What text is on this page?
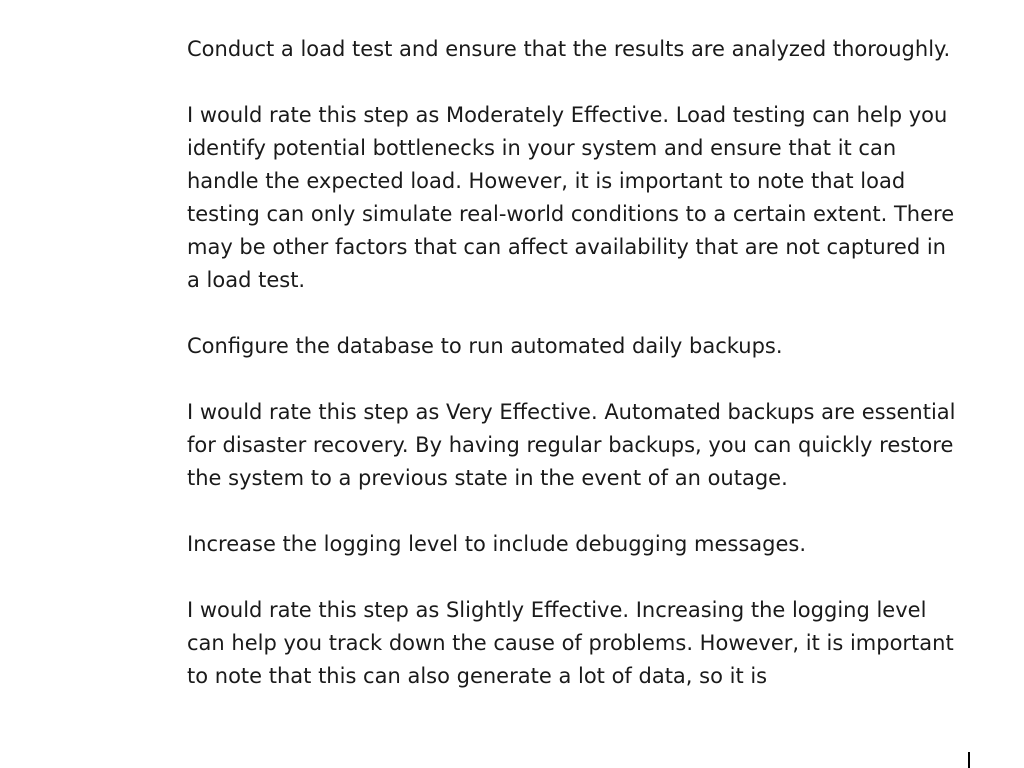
Conduct a load test and ensure that the results are analyzed thoroughly.

I would rate this step as Moderately Effective. Load testing can help you identify potential bottlenecks in your system and ensure that it can handle the expected load. However, it is important to note that load testing can only simulate real-world conditions to a certain extent. There may be other factors that can affect availability that are not captured in a load test.

Configure the database to run automated daily backups.

I would rate this step as Very Effective. Automated backups are essential for disaster recovery. By having regular backups, you can quickly restore the system to a previous state in the event of an outage.

Increase the logging level to include debugging messages.

I would rate this step as Slightly Effective. Increasing the logging level can help you track down the cause of problems. However, it is important to note that this can also generate a lot of data, so it is
